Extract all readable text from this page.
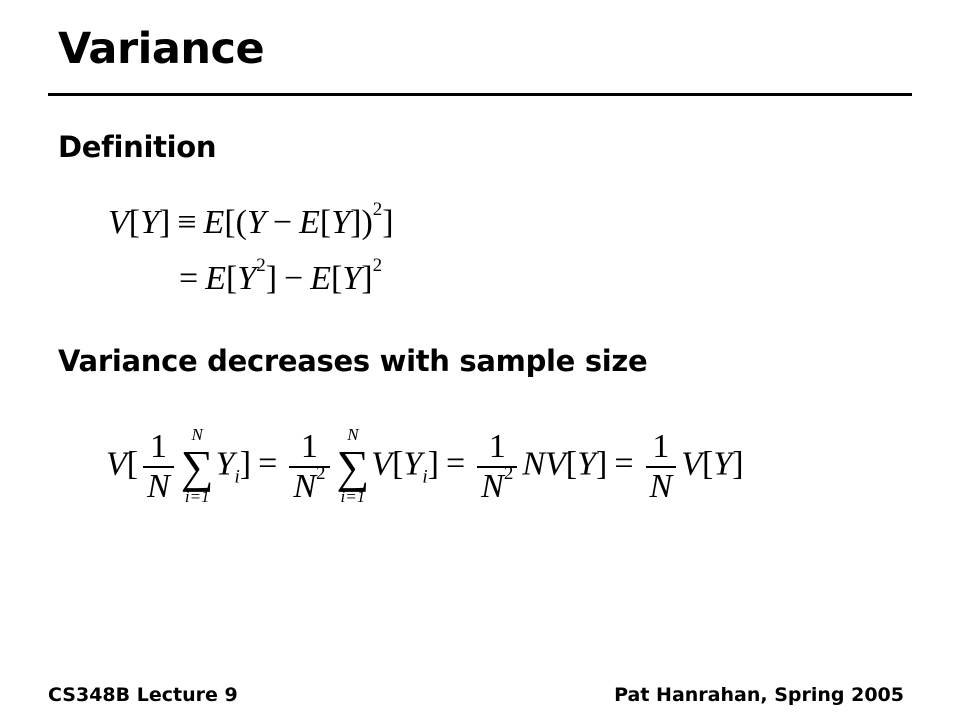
Variance
Definition
$V[Y] \equiv E[(Y - E[Y])^2]$
= $E[Y^2] - E[Y]^2$
Variance decreases with sample size
$V[ \frac{1}{N}$ N
∑
i=1
$Y_i] = \frac{1}{N^2}$ N
∑
i=1
$V[Y_i] = \frac{1}{N^2} NV[Y] = \frac{1}{N} V[Y]$
CS348B Lecture 9	Pat Hanrahan, Spring 2005
